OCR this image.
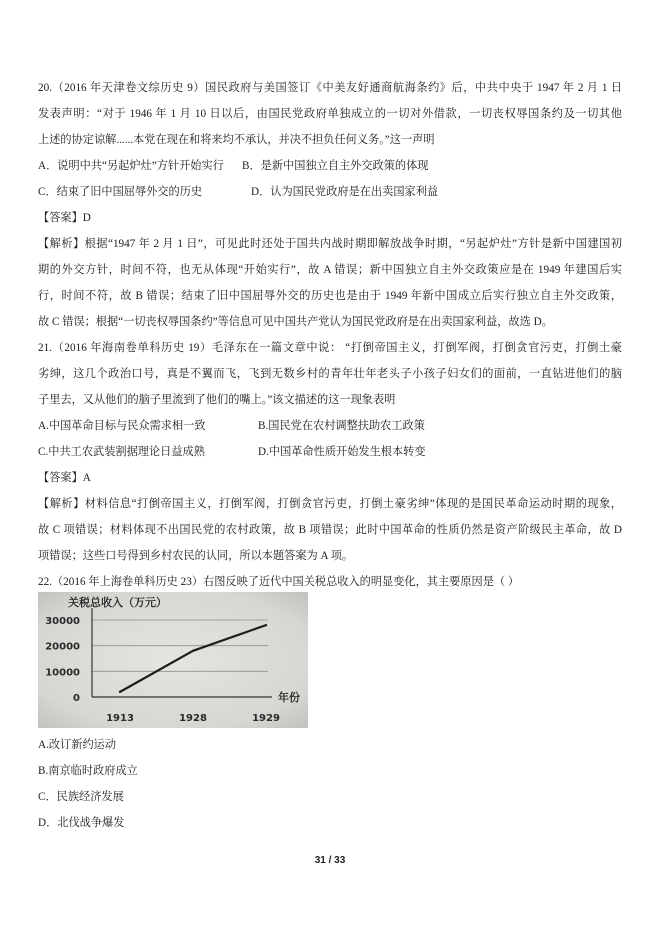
20.（2016 年天津卷文综历史 9）国民政府与美国签订《中美友好通商航海条约》后，中共中央于 1947 年 2 月 1 日
发表声明：“对于 1946 年 1 月 10 日以后，由国民党政府单独成立的一切对外借款，一切丧权辱国条约及一切其他
上述的协定谅解......本党在现在和将来均不承认，并决不担负任何义务。”这一声明
A．说明中共“另起炉灶”方针开始实行 B．是新中国独立自主外交政策的体现
C．结束了旧中国屈辱外交的历史	D．认为国民党政府是在出卖国家利益
【答案】D
【解析】根据“1947 年 2 月 1 日”，可见此时还处于国共内战时期即解放战争时期，“另起炉灶”方针是新中国建国初
期的外交方针，时间不符，也无从体现“开始实行”，故 A 错误；新中国独立自主外交政策应是在 1949 年建国后实
行，时间不符，故 B 错误；结束了旧中国屈辱外交的历史也是由于 1949 年新中国成立后实行独立自主外交政策，
故 C 错误；根据“一切丧权辱国条约”等信息可见中国共产党认为国民党政府是在出卖国家利益，故选 D。
21.（2016 年海南卷单科历史 19）毛泽东在一篇文章中说： “打倒帝国主义，打倒军阀，打倒贪官污吏，打倒土豪
劣绅，这几个政治口号，真是不翼而飞，飞到无数乡村的青年壮年老头子小孩子妇女们的面前，一直钻进他们的脑
子里去，又从他们的脑子里流到了他们的嘴上。”该文描述的这一现象表明
A.中国革命目标与民众需求相一致	B.国民党在农村调整扶助农工政策
C.中共工农武装割据理论日益成熟	D.中国革命性质开始发生根本转变
【答案】A
【解析】材料信息“打倒帝国主义，打倒军阀，打倒贪官污吏，打倒土豪劣绅”体现的是国民革命运动时期的现象，
故 C 项错误；材料体现不出国民党的农村政策，故 B 项错误；此时中国革命的性质仍然是资产阶级民主革命，故 D
项错误；这些口号得到乡村农民的认同，所以本题答案为 A 项。
22.（2016 年上海卷单科历史 23）右图反映了近代中国关税总收入的明显变化，其主要原因是（ ）
0
10000
20000
30000
1913	1928	1929
关税总收入（万元）
年份
A.改订新约运动
B.南京临时政府成立
C．民族经济发展
D．北伐战争爆发
31 / 33
